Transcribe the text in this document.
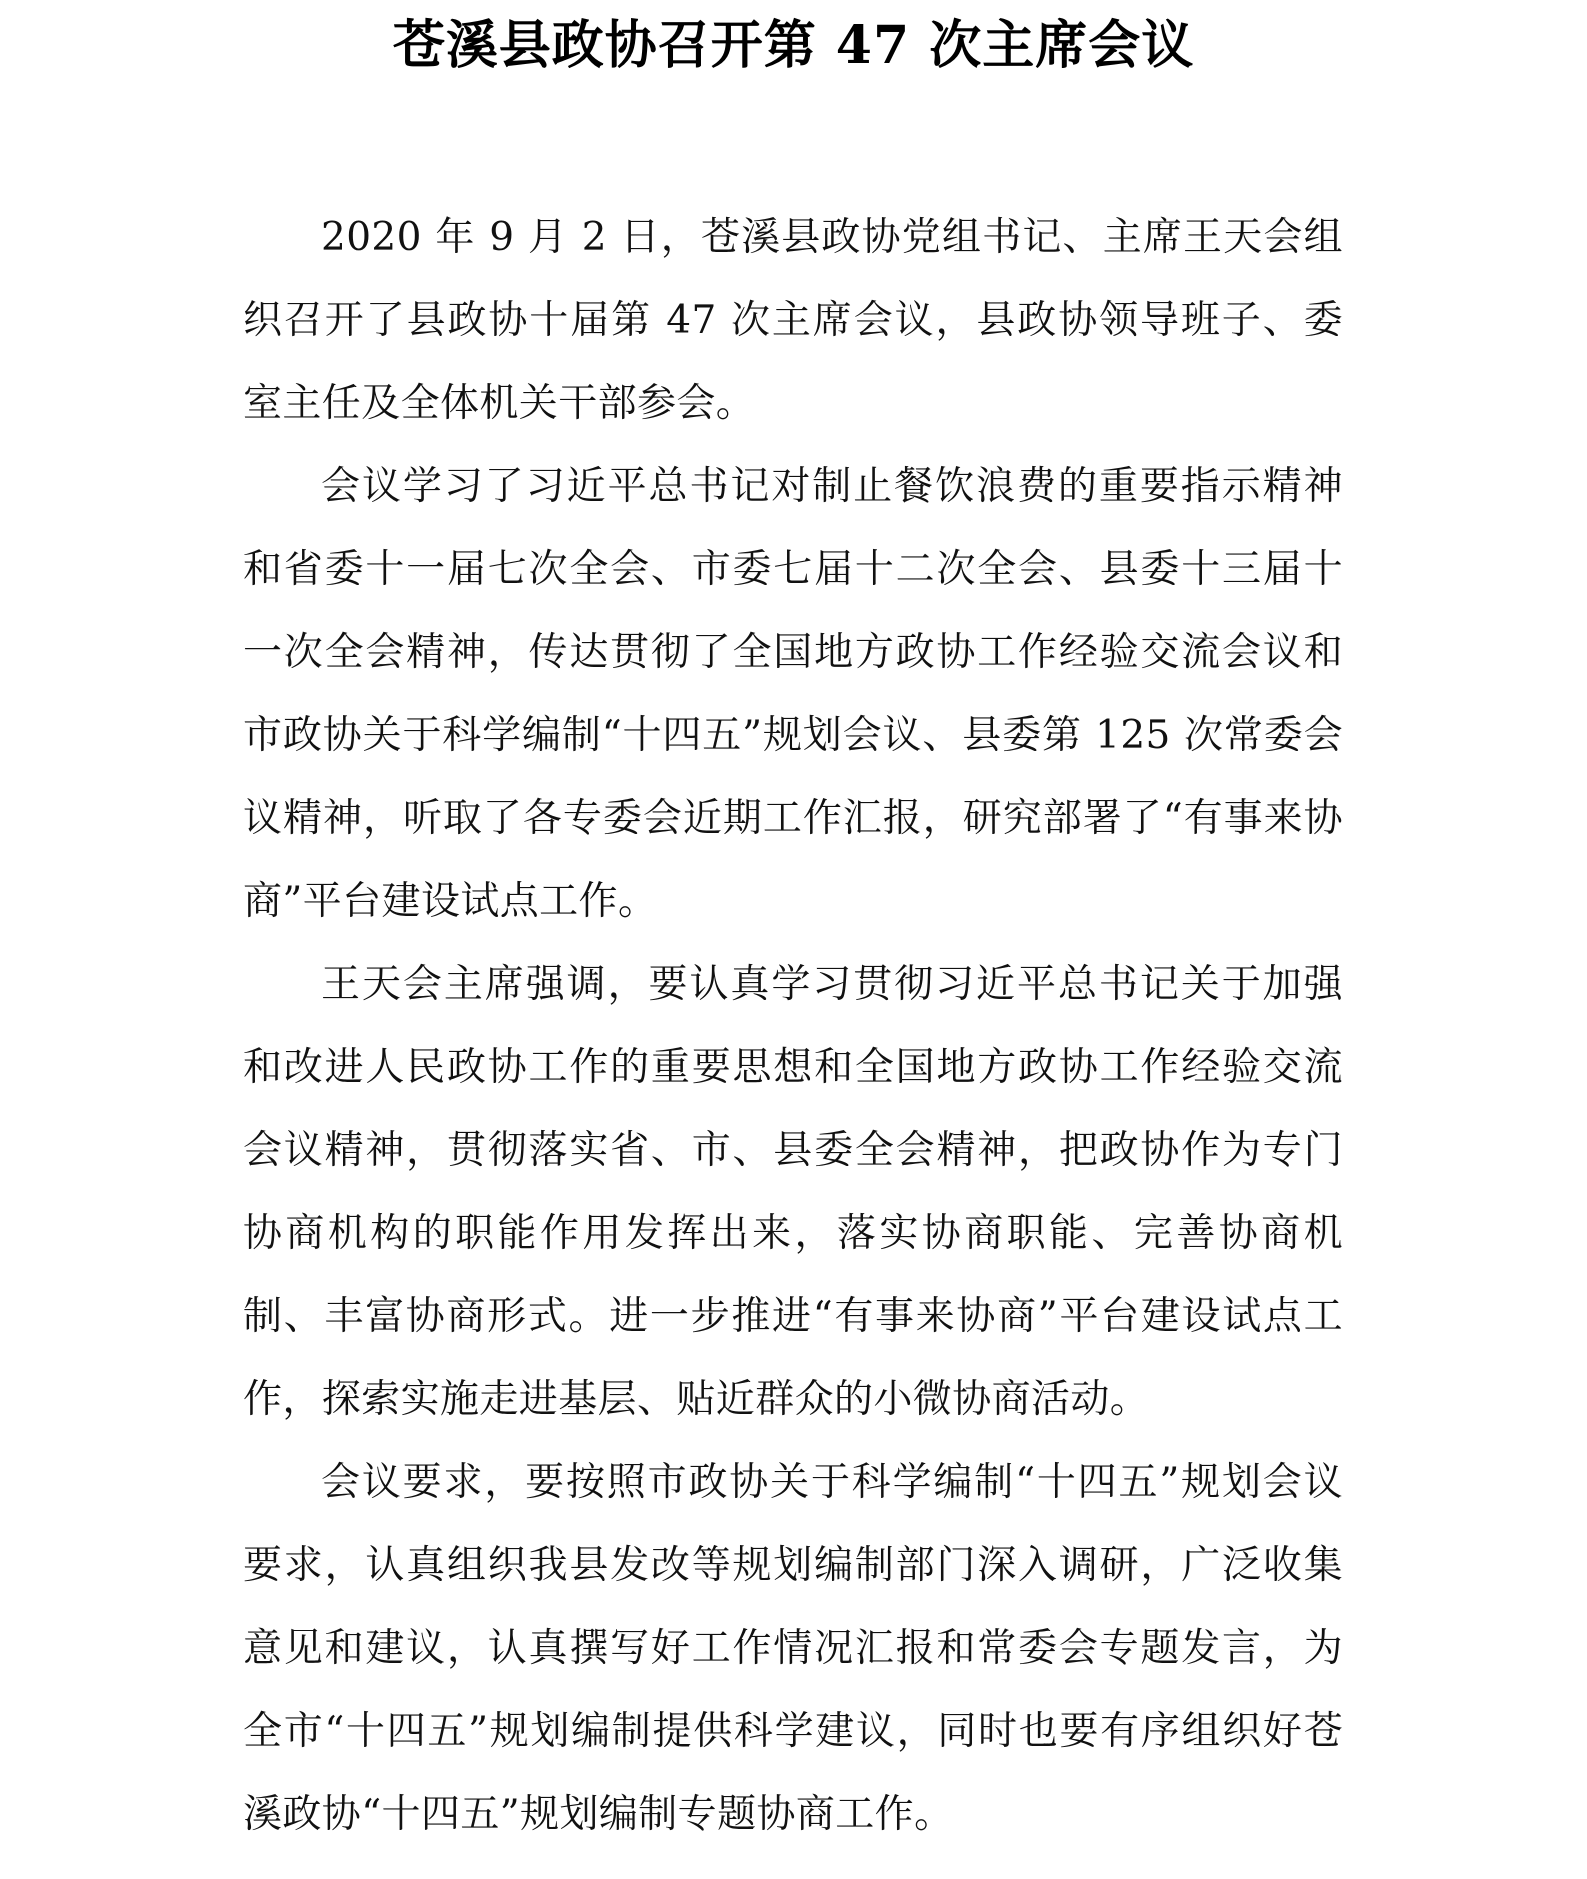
苍溪县政协召开第 47 次主席会议

2020 年 9 月 2 日，苍溪县政协党组书记、主席王天会组织召开了县政协十届第 47 次主席会议，县政协领导班子、委室主任及全体机关干部参会。

会议学习了习近平总书记对制止餐饮浪费的重要指示精神和省委十一届七次全会、市委七届十二次全会、县委十三届十一次全会精神，传达贯彻了全国地方政协工作经验交流会议和市政协关于科学编制“十四五”规划会议、县委第 125 次常委会议精神，听取了各专委会近期工作汇报，研究部署了“有事来协商”平台建设试点工作。

王天会主席强调，要认真学习贯彻习近平总书记关于加强和改进人民政协工作的重要思想和全国地方政协工作经验交流会议精神，贯彻落实省、市、县委全会精神，把政协作为专门协商机构的职能作用发挥出来，落实协商职能、完善协商机制、丰富协商形式。进一步推进“有事来协商”平台建设试点工作，探索实施走进基层、贴近群众的小微协商活动。

会议要求，要按照市政协关于科学编制“十四五”规划会议要求，认真组织我县发改等规划编制部门深入调研，广泛收集意见和建议，认真撰写好工作情况汇报和常委会专题发言，为全市“十四五”规划编制提供科学建议，同时也要有序组织好苍溪政协“十四五”规划编制专题协商工作。
